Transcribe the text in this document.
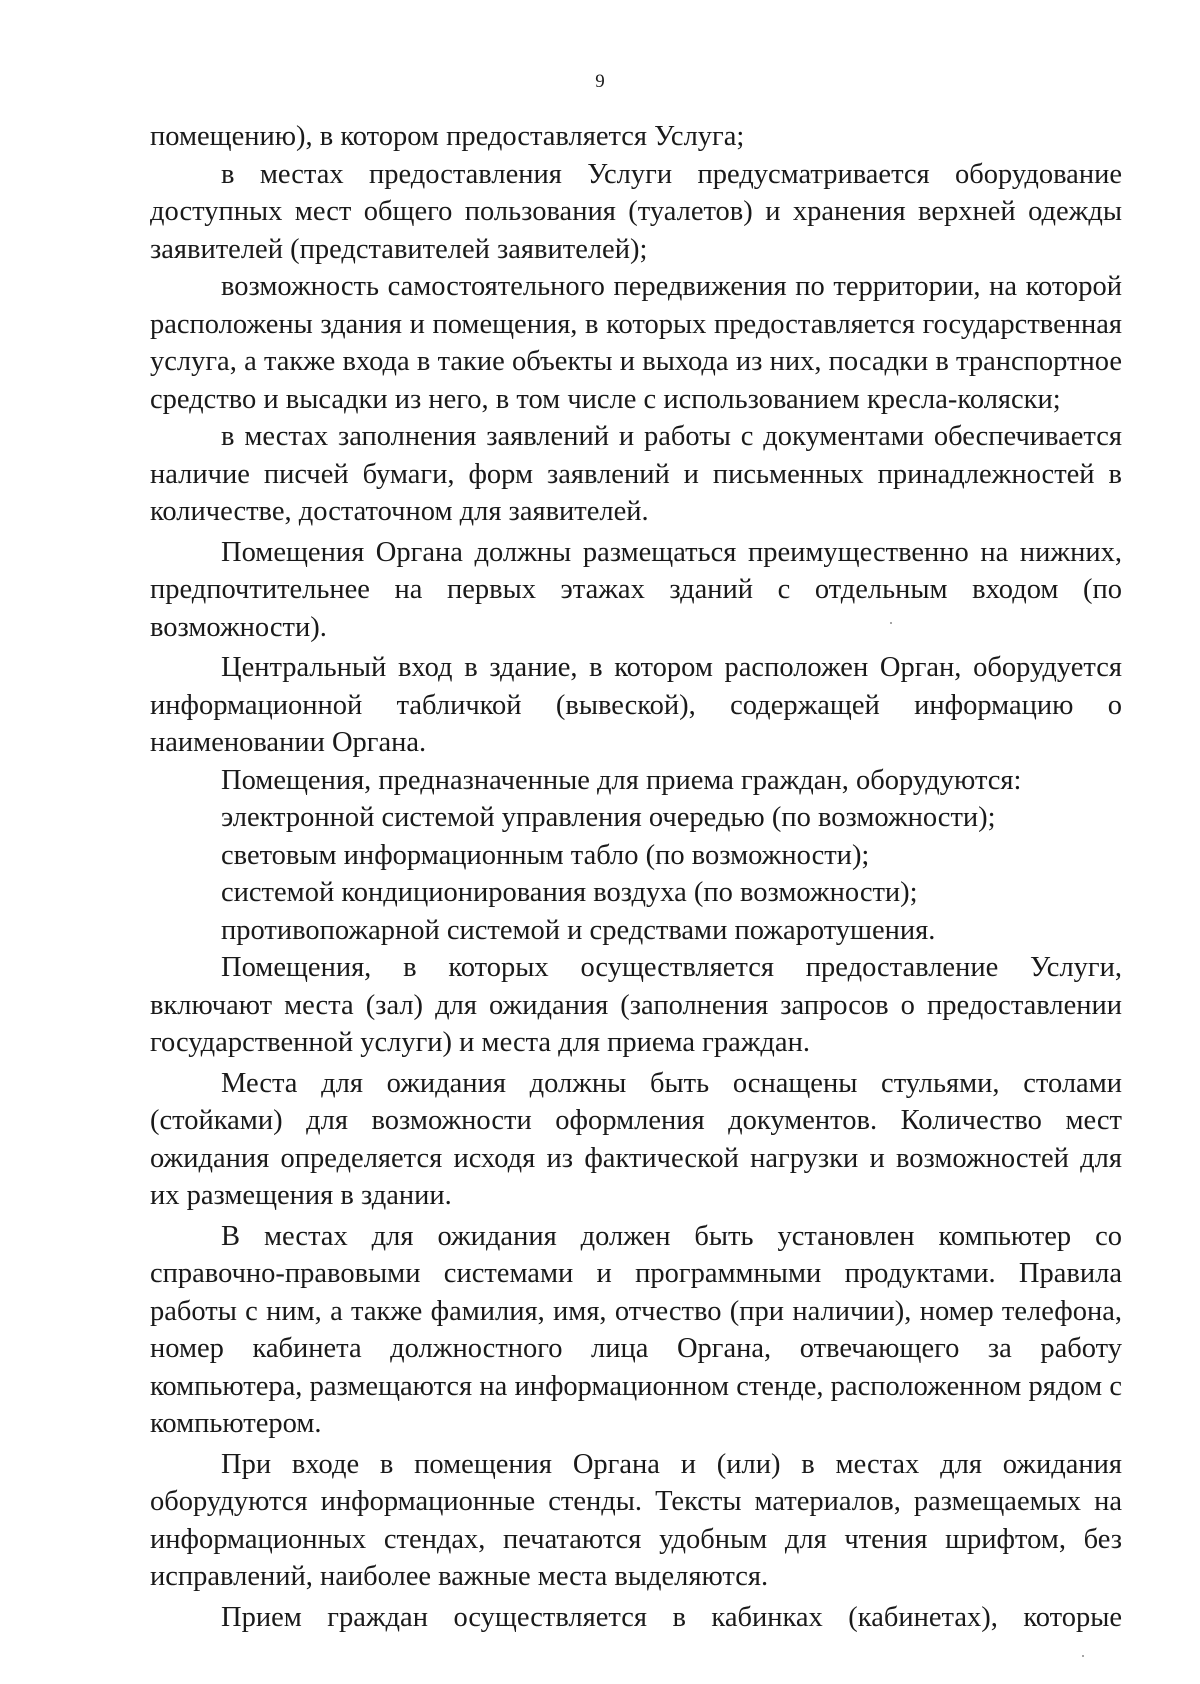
9

помещению), в котором предоставляется Услуга;

в местах предоставления Услуги предусматривается оборудование доступных мест общего пользования (туалетов) и хранения верхней одежды заявителей (представителей заявителей);

возможность самостоятельного передвижения по территории, на которой расположены здания и помещения, в которых предоставляется государственная услуга, а также входа в такие объекты и выхода из них, посадки в транспортное средство и высадки из него, в том числе с использованием кресла-коляски;

в местах заполнения заявлений и работы с документами обеспечивается наличие писчей бумаги, форм заявлений и письменных принадлежностей в количестве, достаточном для заявителей.

Помещения Органа должны размещаться преимущественно на нижних, предпочтительнее на первых этажах зданий с отдельным входом (по возможности).

Центральный вход в здание, в котором расположен Орган, оборудуется информационной табличкой (вывеской), содержащей информацию о наименовании Органа.

Помещения, предназначенные для приема граждан, оборудуются:

электронной системой управления очередью (по возможности);

световым информационным табло (по возможности);

системой кондиционирования воздуха (по возможности);

противопожарной системой и средствами пожаротушения.

Помещения, в которых осуществляется предоставление Услуги, включают места (зал) для ожидания (заполнения запросов о предоставлении государственной услуги) и места для приема граждан.

Места для ожидания должны быть оснащены стульями, столами (стойками) для возможности оформления документов. Количество мест ожидания определяется исходя из фактической нагрузки и возможностей для их размещения в здании.

В местах для ожидания должен быть установлен компьютер со справочно-правовыми системами и программными продуктами. Правила работы с ним, а также фамилия, имя, отчество (при наличии), номер телефона, номер кабинета должностного лица Органа, отвечающего за работу компьютера, размещаются на информационном стенде, расположенном рядом с компьютером.

При входе в помещения Органа и (или) в местах для ожидания оборудуются информационные стенды. Тексты материалов, размещаемых на информационных стендах, печатаются удобным для чтения шрифтом, без исправлений, наиболее важные места выделяются.

Прием граждан осуществляется в кабинках (кабинетах), которые
